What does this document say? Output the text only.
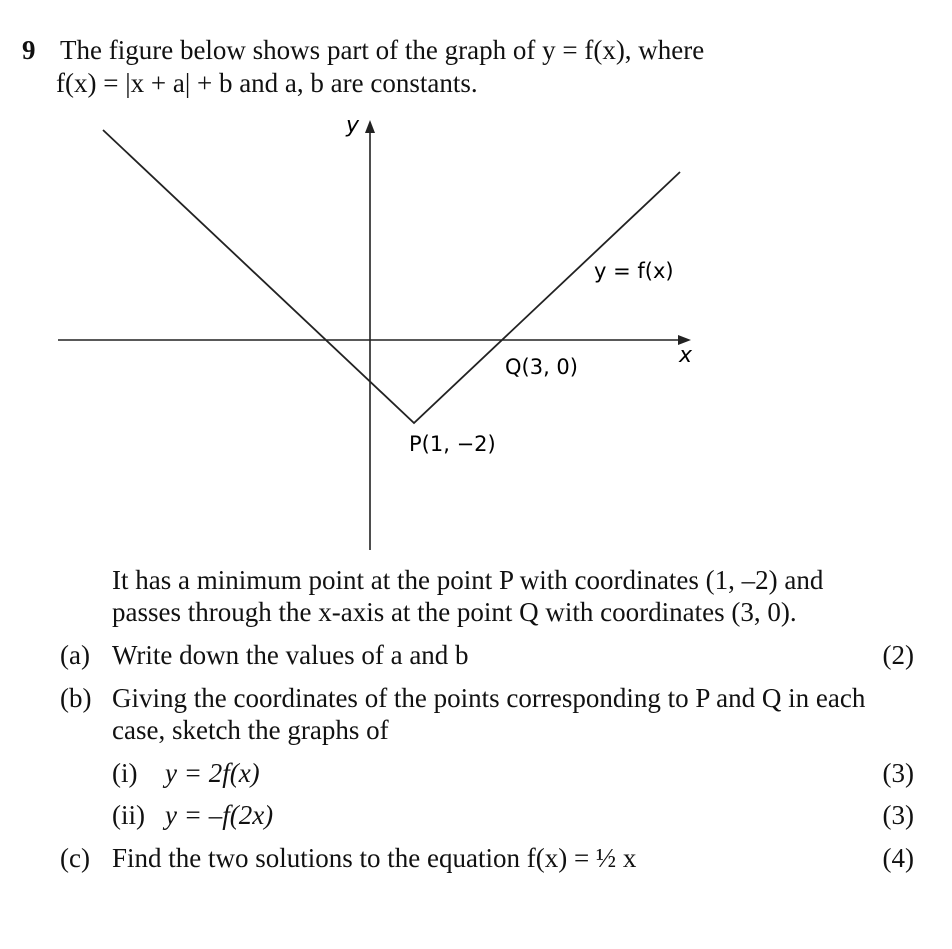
9 The figure below shows part of the graph of y = f(x), where
f(x) = |x + a| + b and a, b are constants.
y
x
y = f(x)
Q(3, 0)
P(1, −2)
It has a minimum point at the point P with coordinates (1, –2) and
passes through the x-axis at the point Q with coordinates (3, 0).
(a) Write down the values of a and b	(2)
(b) Giving the coordinates of the points corresponding to P and Q in each
case, sketch the graphs of
(i) y = 2f(x)	(3)
(ii) y = –f(2x)	(3)
(c) Find the two solutions to the equation f(x) = ½ x	(4)
